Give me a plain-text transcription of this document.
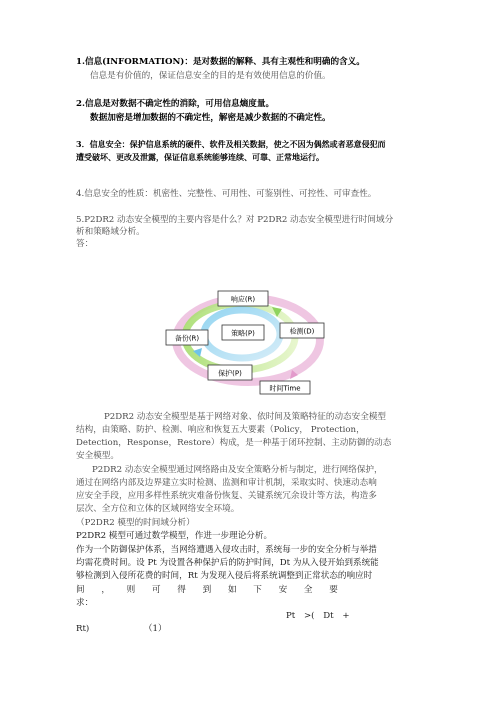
1.信息(INFORMATION)：是对数据的解释、具有主观性和明确的含义。
信息是有价值的，保证信息安全的目的是有效使用信息的价值。
2.信息是对数据不确定性的消除，可用信息熵度量。
数据加密是增加数据的不确定性，解密是减少数据的不确定性。
3．信息安全：保护信息系统的硬件、软件及相关数据，使之不因为偶然或者恶意侵犯而
遭受破坏、更改及泄露，保证信息系统能够连续、可靠、正常地运行。
4.信息安全的性质：机密性、完整性、可用性、可鉴别性、可控性、可审查性。
5.P2DR2 动态安全模型的主要内容是什么？对 P2DR2 动态安全模型进行时间域分
析和策略域分析。
答：
响应(R)
策略(P)	检测(D)
备份(R)
保护(P)
时间Time
P2DR2 动态安全模型是基于网络对象、依时间及策略特征的动态安全模型
结构，由策略、防护、检测、响应和恢复五大要素（Policy， Protection，
Detection，Response，Restore）构成，是一种基于闭环控制、主动防御的动态
安全模型。
P2DR2 动态安全模型通过网络路由及安全策略分析与制定，进行网络保护，
通过在网络内部及边界建立实时检测、监测和审计机制，采取实时、快速动态响
应安全手段，应用多样性系统灾难备份恢复、关键系统冗余设计等方法，构造多
层次、全方位和立体的区域网络安全环境。
（P2DR2 模型的时间域分析）
P2DR2 模型可通过数学模型，作进一步理论分析。
作为一个防御保护体系，当网络遭遇入侵攻击时，系统每一步的安全分析与举措
均需花费时间。设 Pt 为设置各种保护后的防护时间，Dt 为从入侵开始到系统能
够检测到入侵所花费的时间，Rt 为发现入侵后将系统调整到正常状态的响应时
间 ， 则 可 得 到 如 下 安 全 要
求：
Pt >( Dt +
Rt)                    （1）
